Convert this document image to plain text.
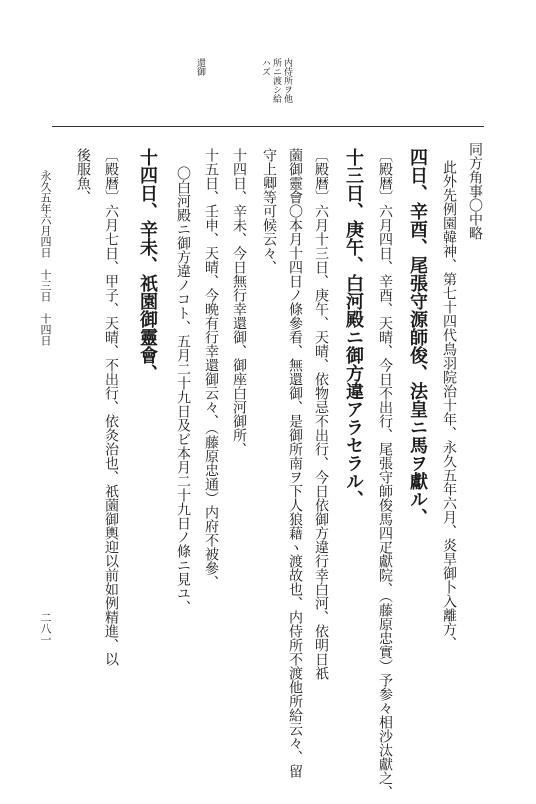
還御	内侍所ヲ他
所ニ渡シ給
ハズ
同方角事〇中略
此外先例園韓神、第七十四代鳥羽院治十年、永久五年六月、炎旱御卜入離方、
四日、辛酉、尾張守源師俊、法皇ニ馬ヲ獻ル、
〔殿暦〕六月四日、辛酉、天晴、今日不出行、尾張守師俊馬四疋獻院、（藤原忠實）予参々相沙汰獻之、
十三日、庚午、白河殿ニ御方違アラセラル、
〔殿暦〕六月十三日、庚午、天晴、依物忌不出行、今日依御方違行幸白河、依明日祇
薗御靈會〇本月十四日ノ條參看、無還御、是御所南ヲ下人狼藉ヽ渡故也、内侍所不渡他所給云々、留
守上卿等可候云々、
十四日、辛未、今日無行幸還御、御座白河御所、
十五日、壬申、天晴、今晩有行幸還御云々、（藤原忠通）内府不被參、
〇白河殿ニ御方違ノコト、五月二十九日及ビ本月二十九日ノ條ニ見ユ、
十四日、辛未、祇園御靈會、
〔殿暦〕六月七日、甲子、天晴、不出行、依灸治也、祇薗御輿迎以前如例精進、以
後服魚、
永久五年六月四日　十三日　十四日
二八一
